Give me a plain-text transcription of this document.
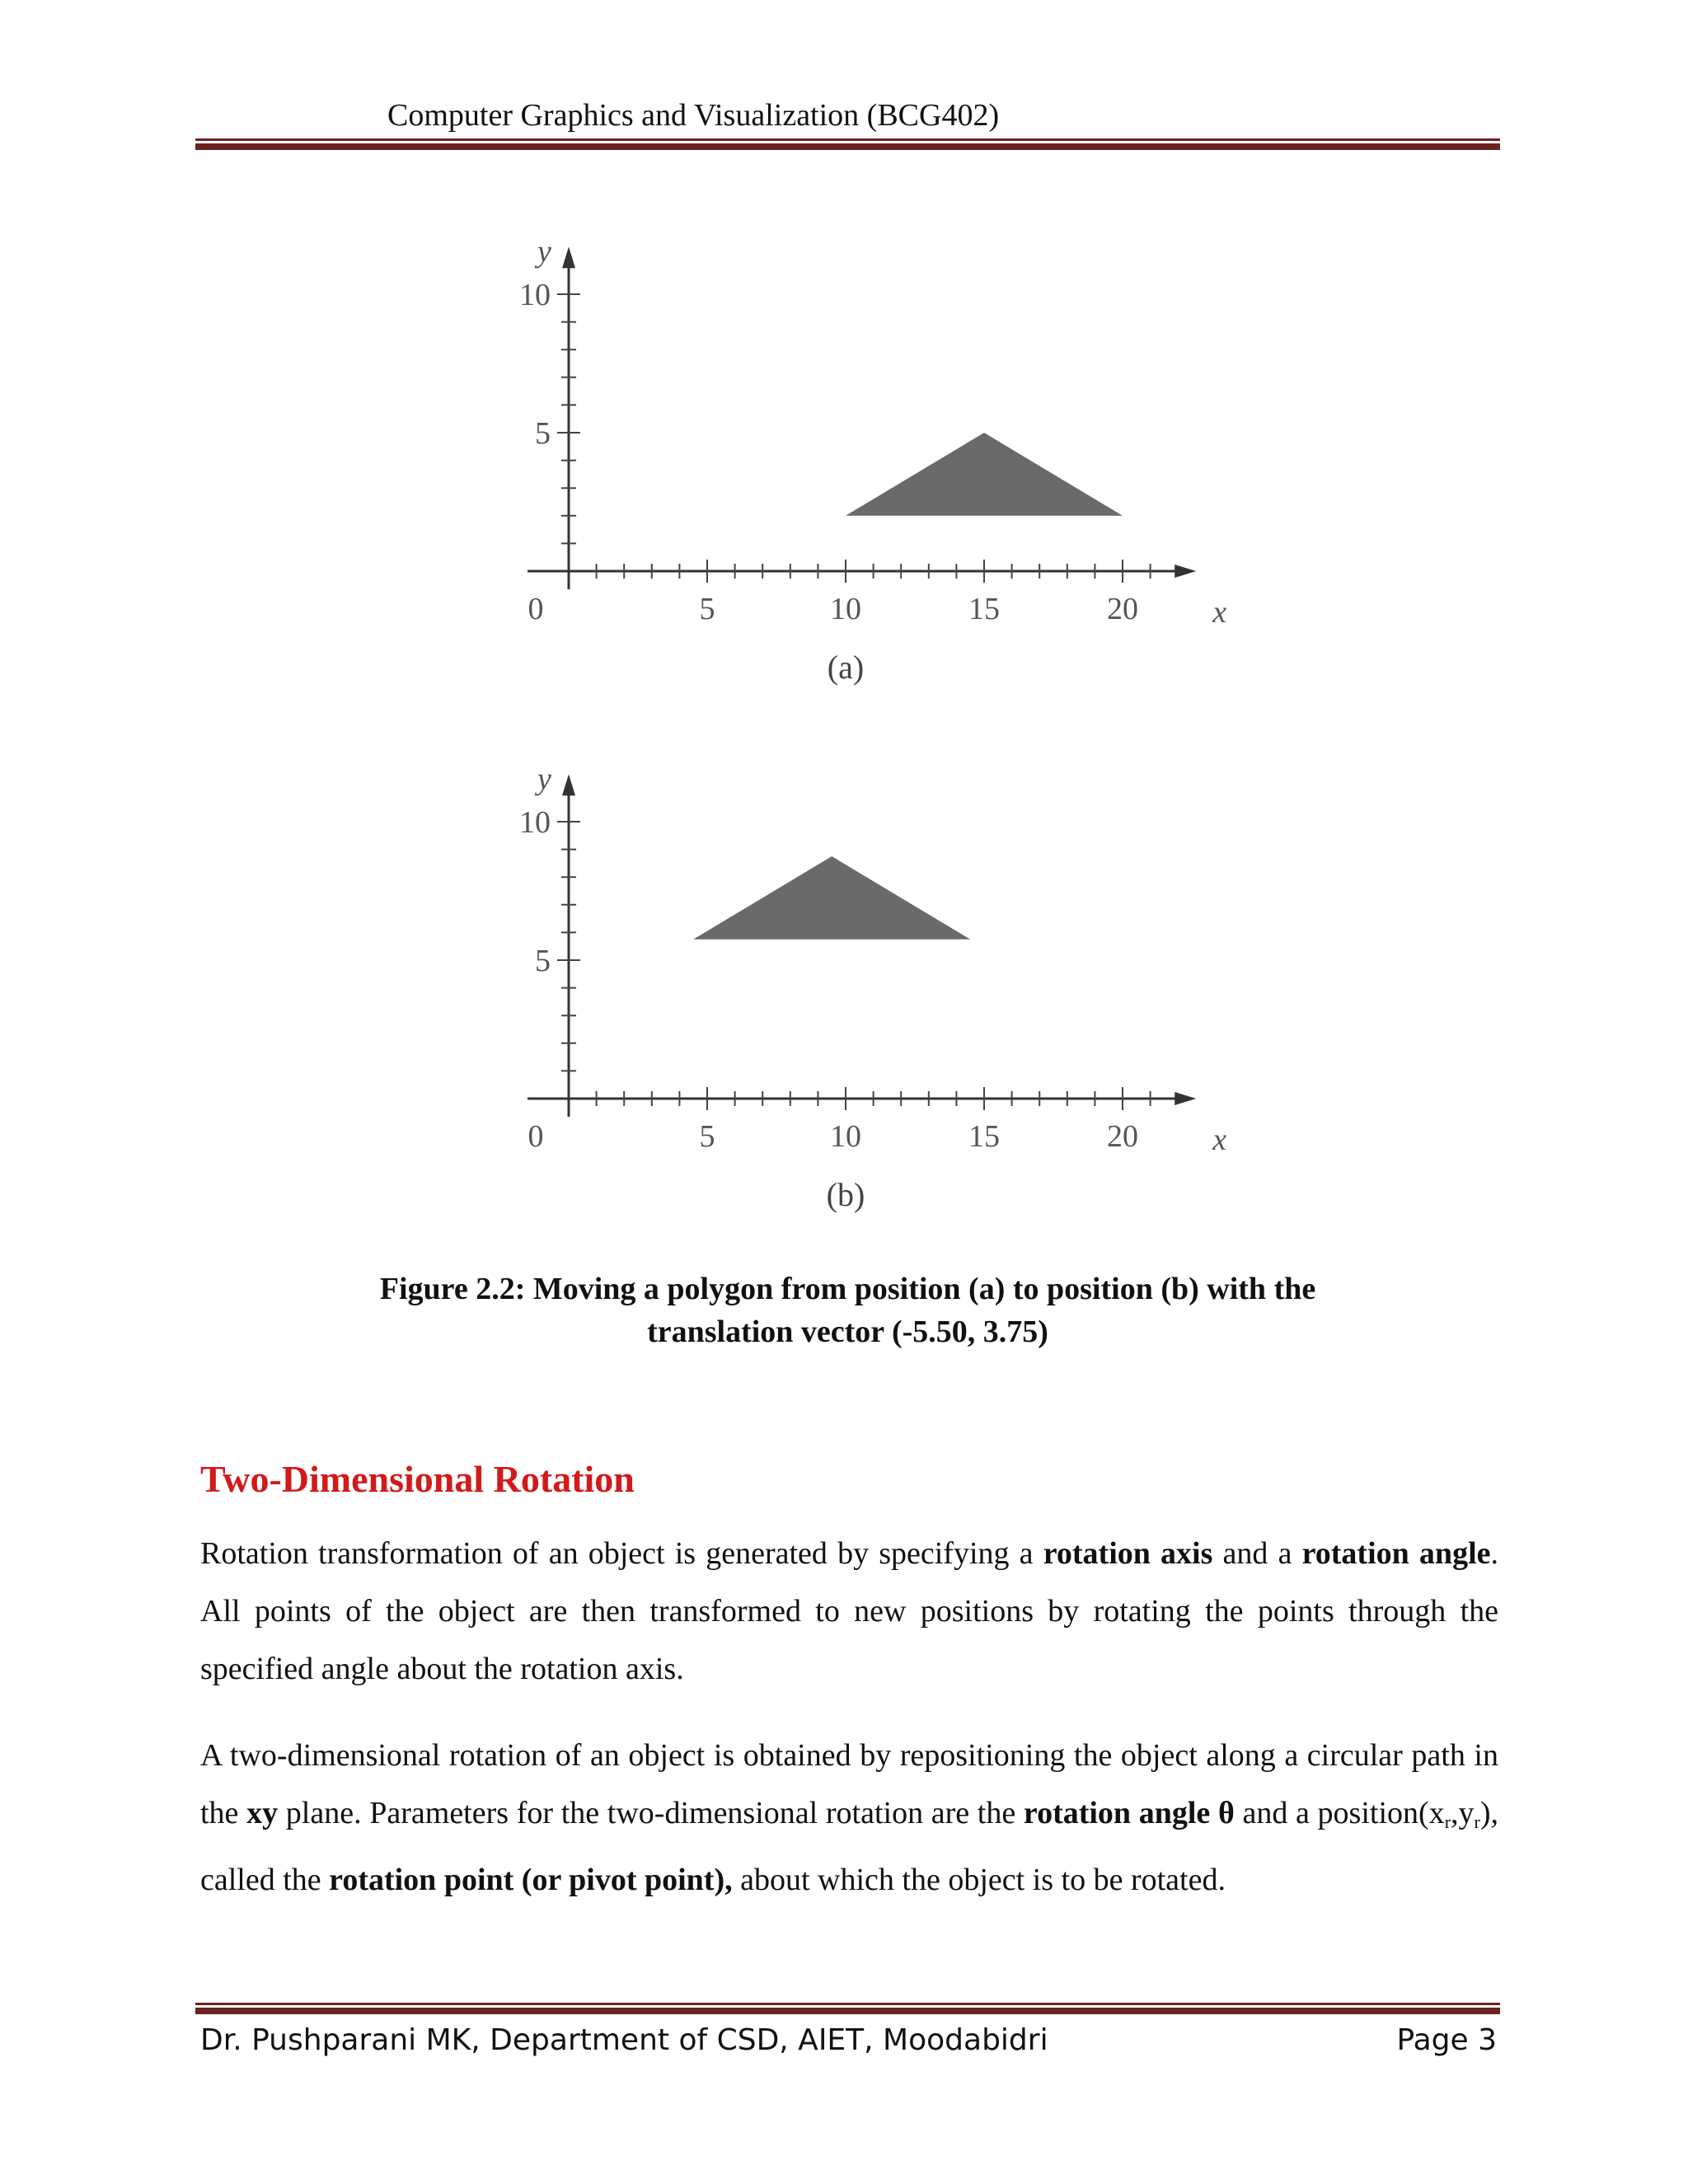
Computer Graphics and Visualization (BCG402)
0	5	10	15	20
5
10
x
y
(a)
0	5	10	15	20
5
10
x
y
(b)
Figure 2.2: Moving a polygon from position (a) to position (b) with the
translation vector (-5.50, 3.75)
Two-Dimensional Rotation
Rotation transformation of an object is generated by specifying a rotation axis and a rotation angle. All points of the object are then transformed to new positions by rotating the points through the specified angle about the rotation axis.
A two-dimensional rotation of an object is obtained by repositioning the object along a circular path in the xy plane. Parameters for the two-dimensional rotation are the rotation angle θ and a $position(x_r,y_r)$, called the rotation point (or pivot point), about which the object is to be rotated.
Dr. Pushparani MK, Department of CSD, AIET, Moodabidri	Page 3
